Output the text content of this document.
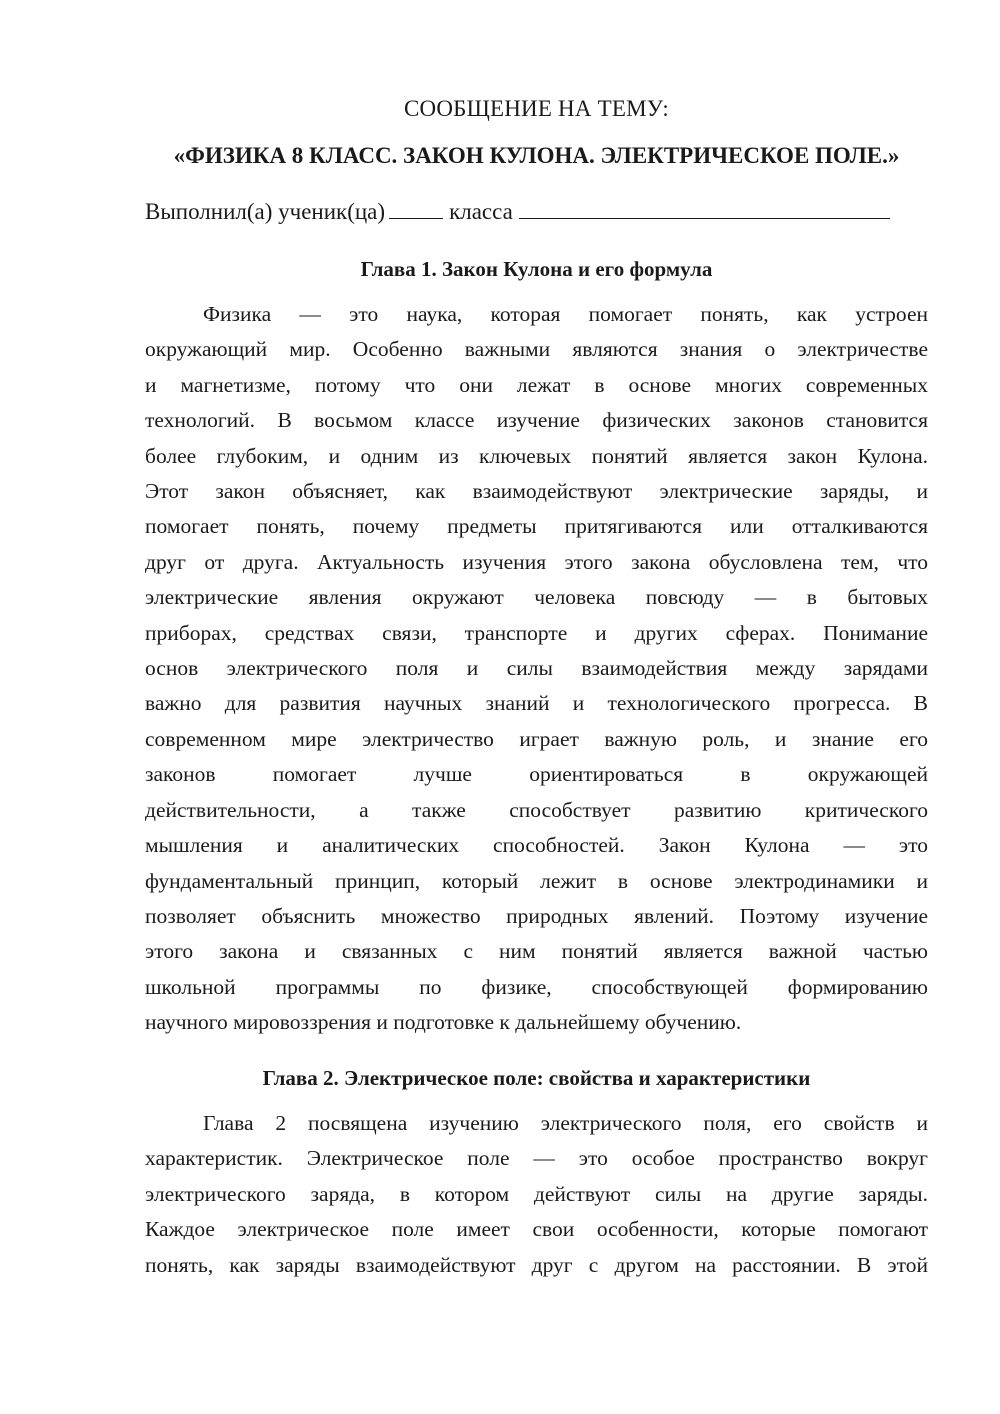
СООБЩЕНИЕ НА ТЕМУ:
«ФИЗИКА 8 КЛАСС. ЗАКОН КУЛОНА. ЭЛЕКТРИЧЕСКОЕ ПОЛЕ.»
Выполнил(а) ученик(ца)	класса
Глава 1. Закон Кулона и его формула
Физика — это наука, которая помогает понять, как устроен
окружающий мир. Особенно важными являются знания о электричестве
и магнетизме, потому что они лежат в основе многих современных
технологий. В восьмом классе изучение физических законов становится
более глубоким, и одним из ключевых понятий является закон Кулона.
Этот закон объясняет, как взаимодействуют электрические заряды, и
помогает понять, почему предметы притягиваются или отталкиваются
друг от друга. Актуальность изучения этого закона обусловлена тем, что
электрические явления окружают человека повсюду — в бытовых
приборах, средствах связи, транспорте и других сферах. Понимание
основ электрического поля и силы взаимодействия между зарядами
важно для развития научных знаний и технологического прогресса. В
современном мире электричество играет важную роль, и знание его
законов помогает лучше ориентироваться в окружающей
действительности, а также способствует развитию критического
мышления и аналитических способностей. Закон Кулона — это
фундаментальный принцип, который лежит в основе электродинамики и
позволяет объяснить множество природных явлений. Поэтому изучение
этого закона и связанных с ним понятий является важной частью
школьной программы по физике, способствующей формированию
научного мировоззрения и подготовке к дальнейшему обучению.
Глава 2. Электрическое поле: свойства и характеристики
Глава 2 посвящена изучению электрического поля, его свойств и
характеристик. Электрическое поле — это особое пространство вокруг
электрического заряда, в котором действуют силы на другие заряды.
Каждое электрическое поле имеет свои особенности, которые помогают
понять, как заряды взаимодействуют друг с другом на расстоянии. В этой
